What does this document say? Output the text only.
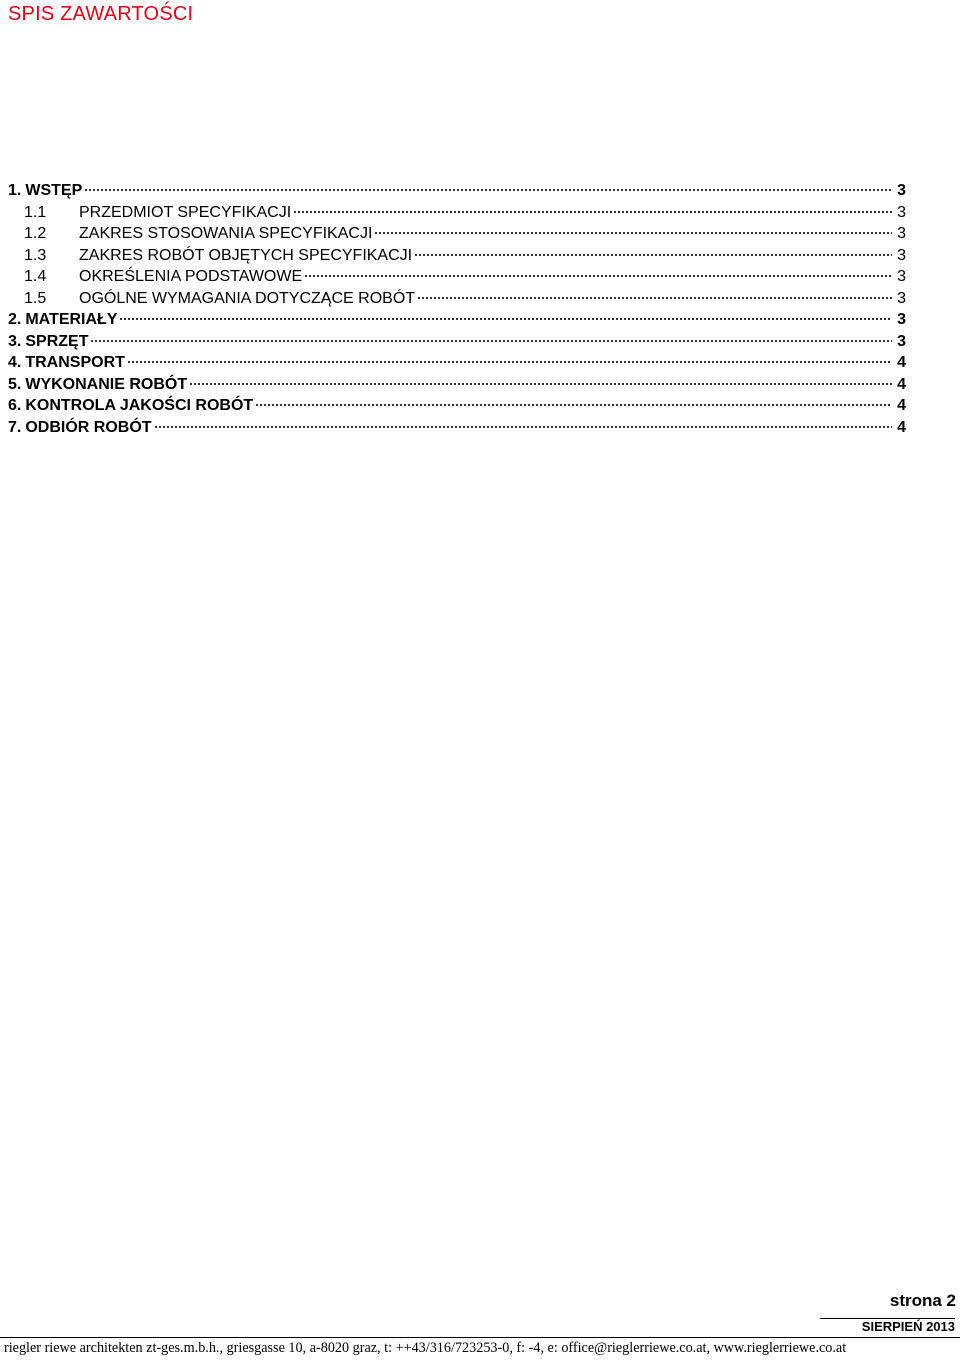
SPIS ZAWARTOŚCI
1. WSTĘP	3
1.1	PRZEDMIOT SPECYFIKACJI	3
1.2	ZAKRES STOSOWANIA SPECYFIKACJI	3
1.3	ZAKRES ROBÓT OBJĘTYCH SPECYFIKACJI	3
1.4	OKREŚLENIA PODSTAWOWE	3
1.5	OGÓLNE WYMAGANIA DOTYCZĄCE ROBÓT	3
2. MATERIAŁY	3
3. SPRZĘT	3
4. TRANSPORT	4
5. WYKONANIE ROBÓT	4
6. KONTROLA JAKOŚCI ROBÓT	4
7. ODBIÓR ROBÓT	4
strona 2
SIERPIEŃ 2013
riegler riewe architekten zt-ges.m.b.h., griesgasse 10, a-8020 graz, t: ++43/316/723253-0, f: -4, e: office@rieglerriewe.co.at, www.rieglerriewe.co.at
